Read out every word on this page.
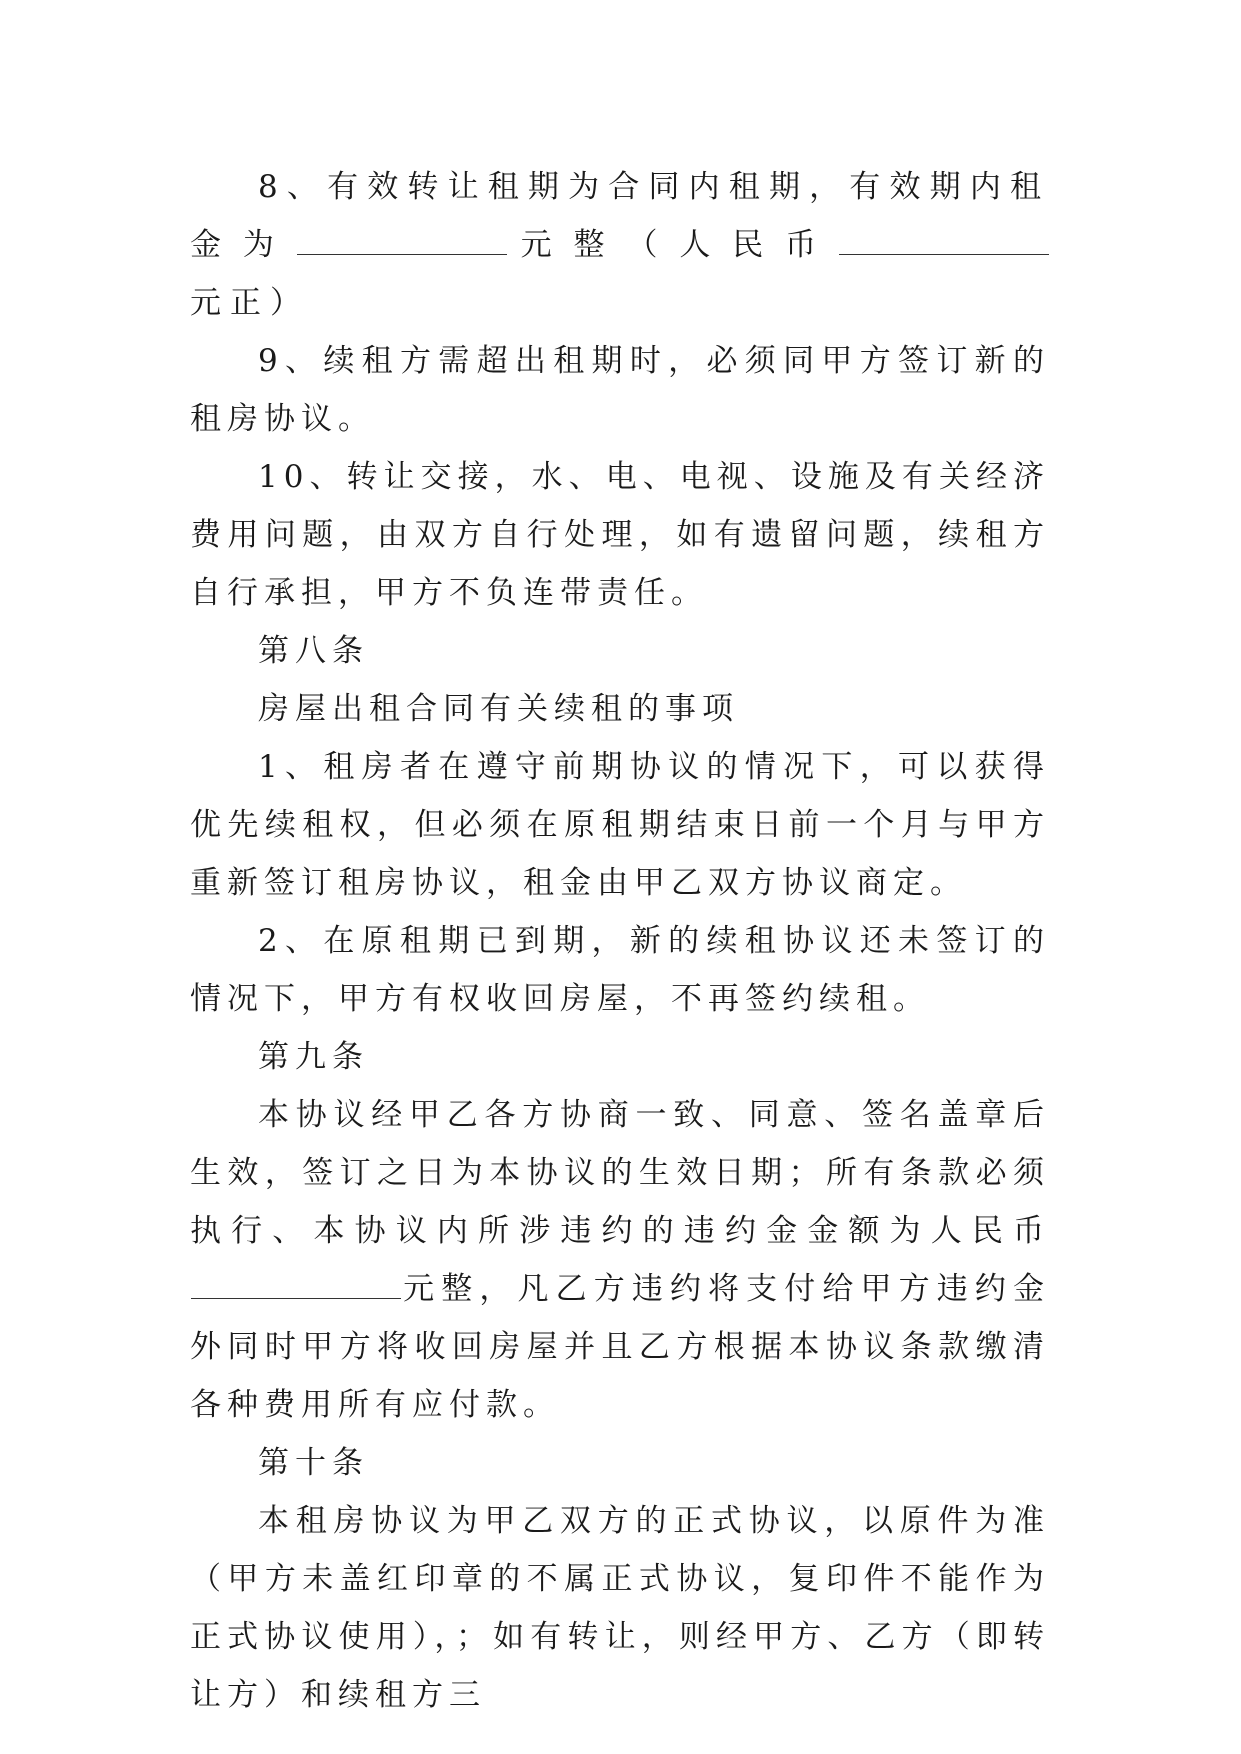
8、有效转让租期为合同内租期，有效期内租金为	元整（人民币元正）

9、续租方需超出租期时，必须同甲方签订新的租房协议。

10、转让交接，水、电、电视、设施及有关经济费用问题，由双方自行处理，如有遗留问题，续租方自行承担，甲方不负连带责任。

第八条

房屋出租合同有关续租的事项

1、租房者在遵守前期协议的情况下，可以获得优先续租权，但必须在原租期结束日前一个月与甲方重新签订租房协议，租金由甲乙双方协议商定。

2、在原租期已到期，新的续租协议还未签订的情况下，甲方有权收回房屋，不再签约续租。

第九条

本协议经甲乙各方协商一致、同意、签名盖章后生效，签订之日为本协议的生效日期；所有条款必须执行、本协议内所涉违约的违约金金额为人民币元整，凡乙方违约将支付给甲方违约金外同时甲方将收回房屋并且乙方根据本协议条款缴清各种费用所有应付款。

第十条

本租房协议为甲乙双方的正式协议，以原件为准（甲方未盖红印章的不属正式协议，复印件不能作为正式协议使用），；如有转让，则经甲方、乙方（即转让方）和续租方三
